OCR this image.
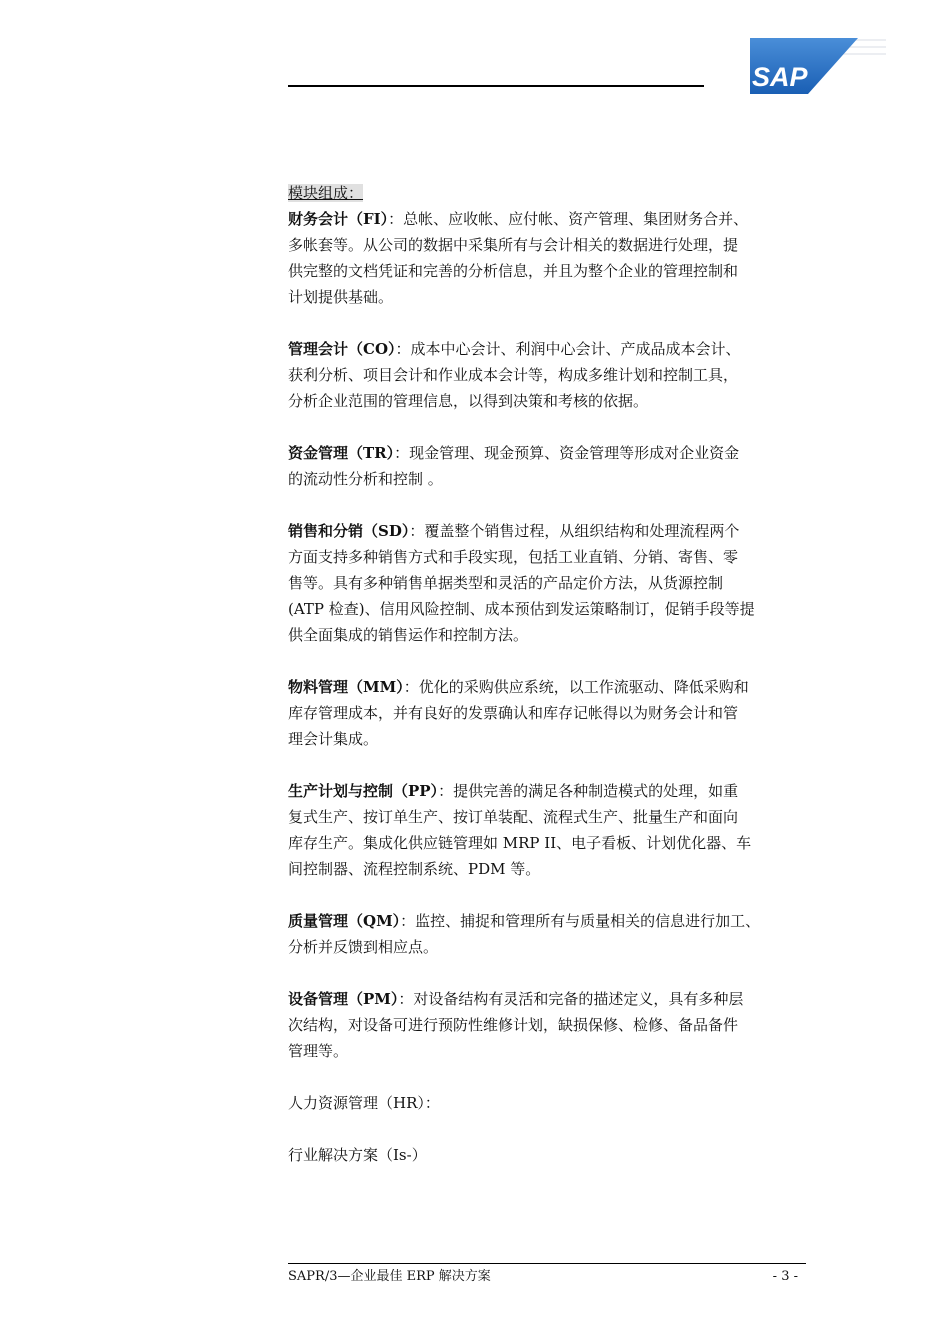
SAP
模块组成：
财务会计（FI）：总帐、应收帐、应付帐、资产管理、集团财务合并、
多帐套等。从公司的数据中采集所有与会计相关的数据进行处理，提
供完整的文档凭证和完善的分析信息，并且为整个企业的管理控制和
计划提供基础。
管理会计（CO）：成本中心会计、利润中心会计、产成品成本会计、
获利分析、项目会计和作业成本会计等，构成多维计划和控制工具，
分析企业范围的管理信息，以得到决策和考核的依据。
资金管理（TR）：现金管理、现金预算、资金管理等形成对企业资金
的流动性分析和控制 。
销售和分销（SD）：覆盖整个销售过程，从组织结构和处理流程两个
方面支持多种销售方式和手段实现，包括工业直销、分销、寄售、零
售等。具有多种销售单据类型和灵活的产品定价方法，从货源控制
(ATP 检查)、信用风险控制、成本预估到发运策略制订，促销手段等提
供全面集成的销售运作和控制方法。
物料管理（MM）：优化的采购供应系统，以工作流驱动、降低采购和
库存管理成本，并有良好的发票确认和库存记帐得以为财务会计和管
理会计集成。
生产计划与控制（PP）：提供完善的满足各种制造模式的处理，如重
复式生产、按订单生产、按订单装配、流程式生产、批量生产和面向
库存生产。集成化供应链管理如 MRP II、电子看板、计划优化器、车
间控制器、流程控制系统、PDM 等。
质量管理（QM）：监控、捕捉和管理所有与质量相关的信息进行加工、
分析并反馈到相应点。
设备管理（PM）：对设备结构有灵活和完备的描述定义，具有多种层
次结构，对设备可进行预防性维修计划，缺损保修、检修、备品备件
管理等。
人力资源管理（HR）：
行业解决方案（Is-）
SAPR/3—企业最佳 ERP 解决方案	- 3 -
